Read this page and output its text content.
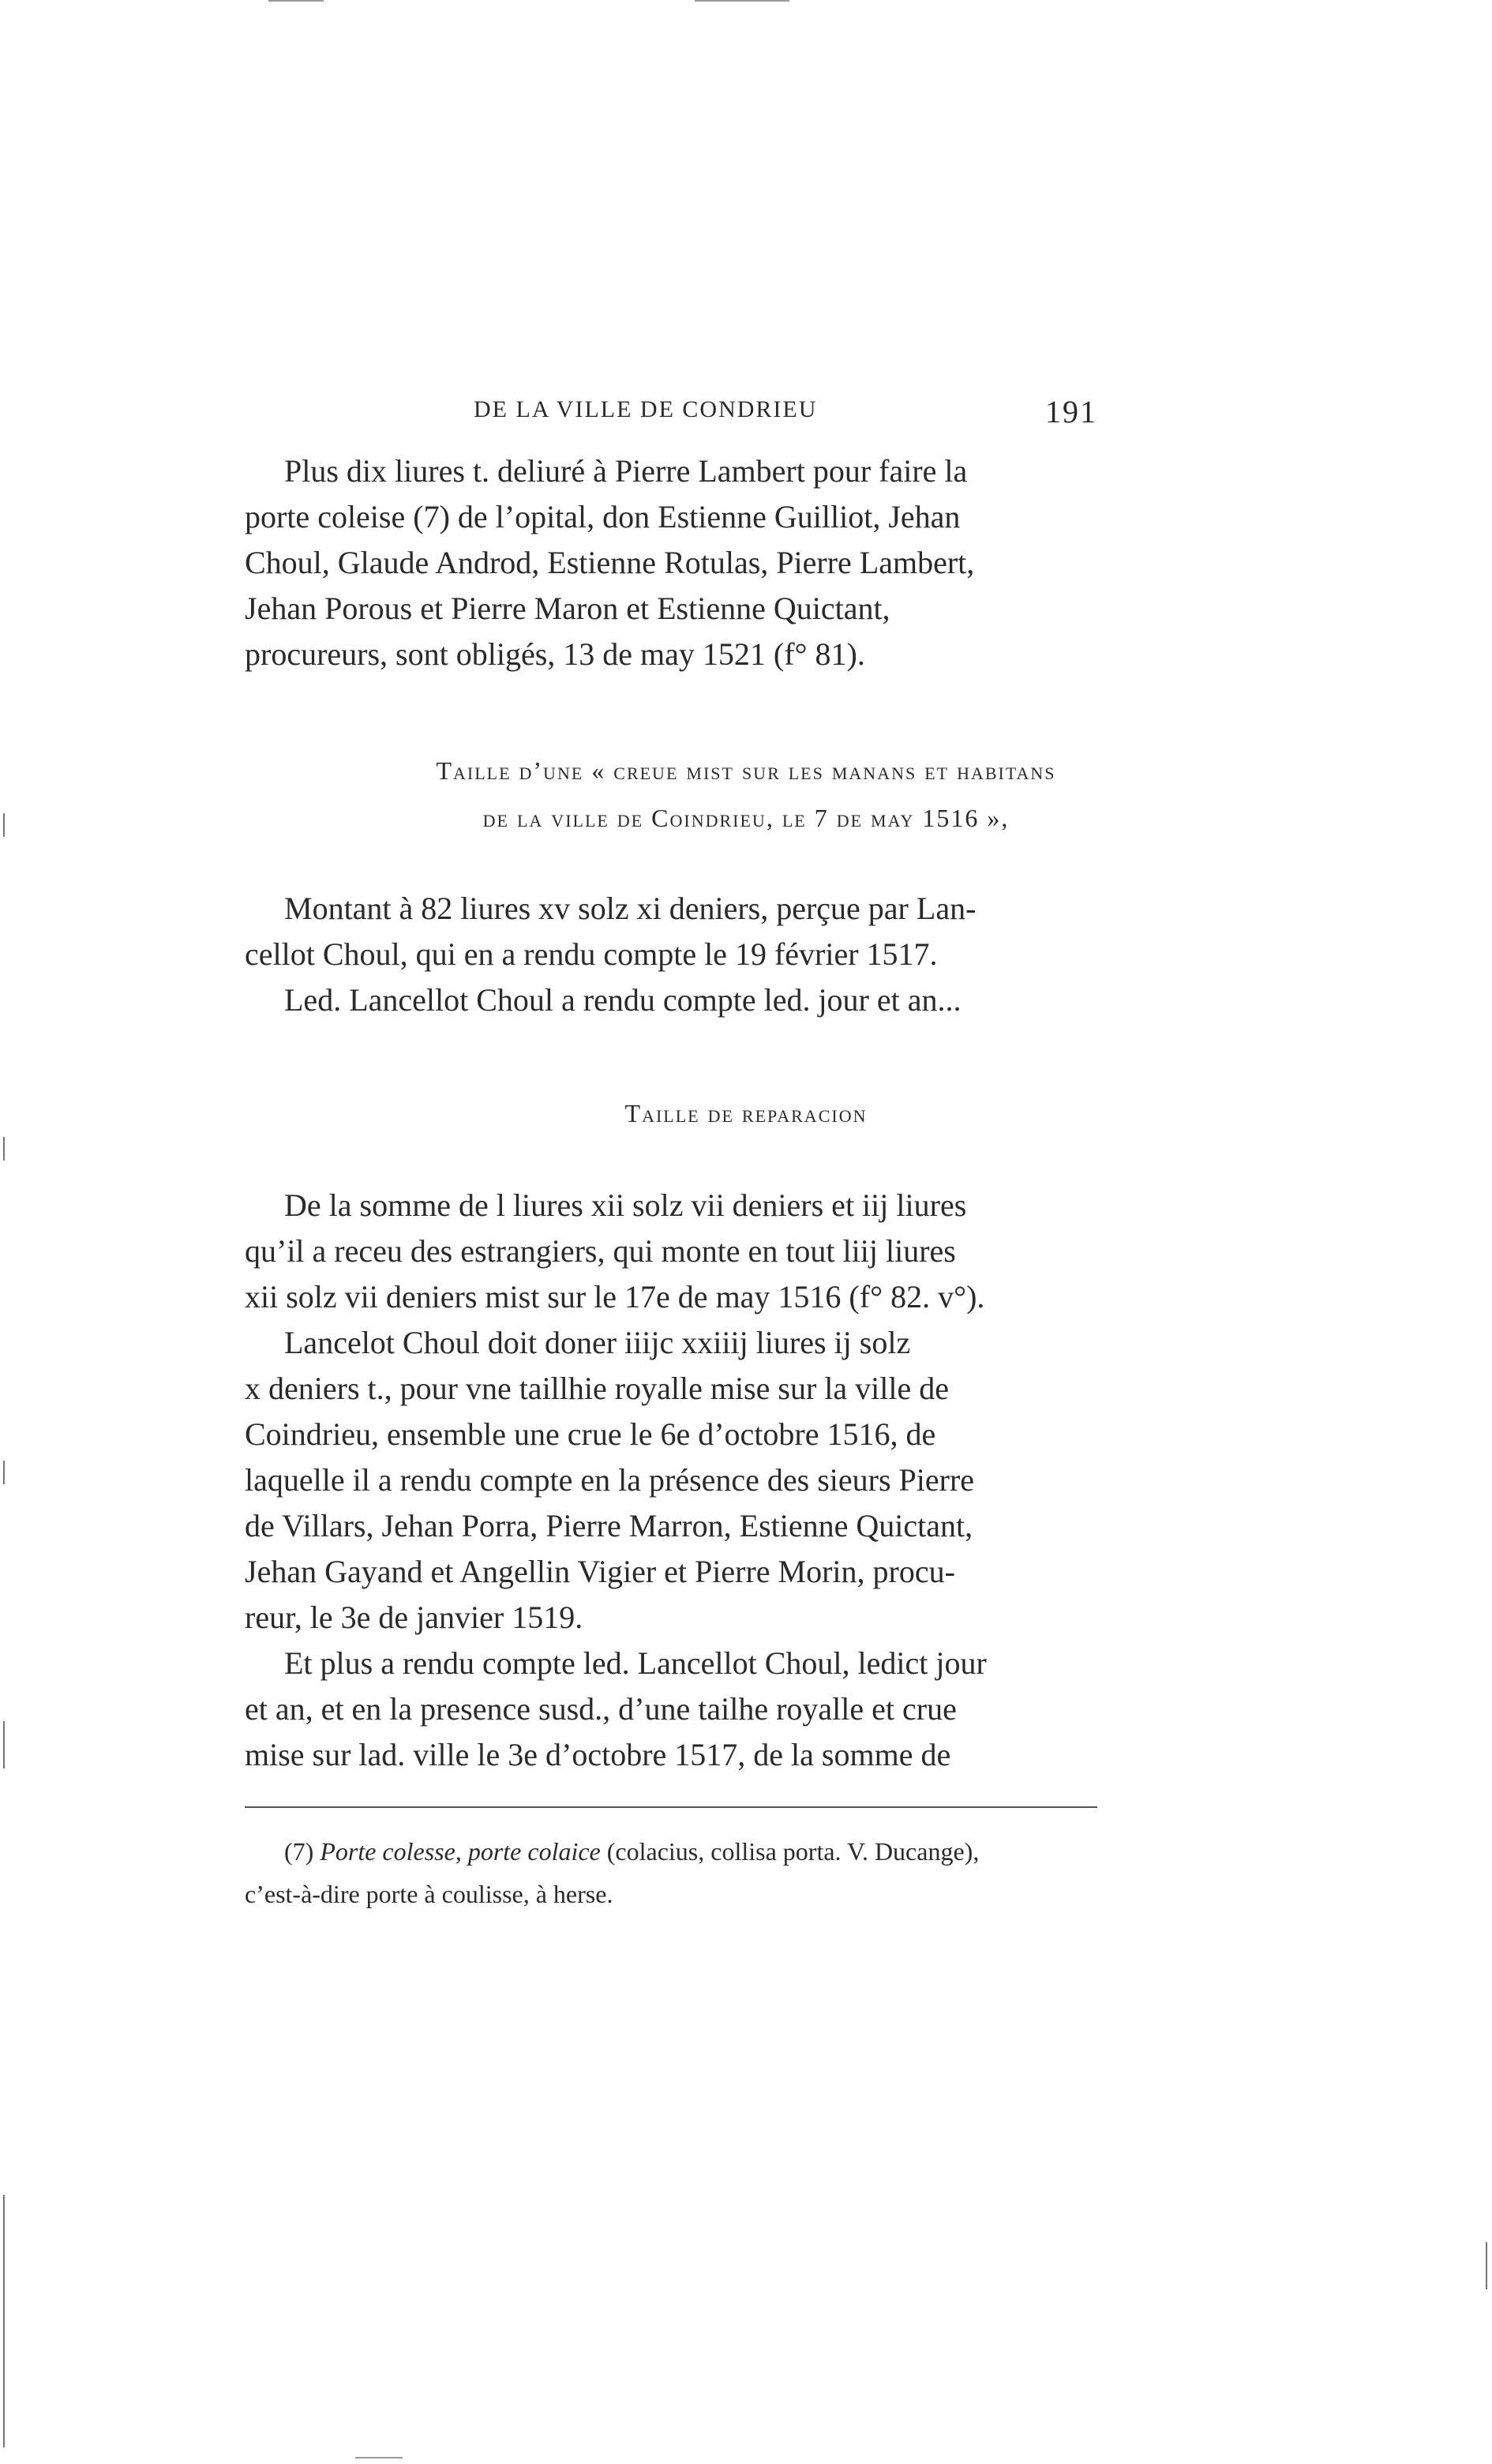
DE LA VILLE DE CONDRIEU	191
Plus dix liures t. deliuré à Pierre Lambert pour faire la
porte coleise (7) de l’opital, don Estienne Guilliot, Jehan
Choul, Glaude Androd, Estienne Rotulas, Pierre Lambert,
Jehan Porous et Pierre Maron et Estienne Quictant,
procureurs, sont obligés, 13 de may 1521 (f° 81).
Taille d’une « creue mist sur les manans et habitans
de la ville de Coindrieu, le 7 de may 1516 »,
Montant à 82 liures xv solz xi deniers, perçue par Lan-
cellot Choul, qui en a rendu compte le 19 février 1517.
Led. Lancellot Choul a rendu compte led. jour et an...
Taille de reparacion
De la somme de l liures xii solz vii deniers et iij liures
qu’il a receu des estrangiers, qui monte en tout liij liures
xii solz vii deniers mist sur le 17e de may 1516 (f° 82. v°).
Lancelot Choul doit doner iiijc xxiiij liures ij solz
x deniers t., pour vne taillhie royalle mise sur la ville de
Coindrieu, ensemble une crue le 6e d’octobre 1516, de
laquelle il a rendu compte en la présence des sieurs Pierre
de Villars, Jehan Porra, Pierre Marron, Estienne Quictant,
Jehan Gayand et Angellin Vigier et Pierre Morin, procu-
reur, le 3e de janvier 1519.
Et plus a rendu compte led. Lancellot Choul, ledict jour
et an, et en la presence susd., d’une tailhe royalle et crue
mise sur lad. ville le 3e d’octobre 1517, de la somme de
(7) Porte colesse, porte colaice (colacius, collisa porta. V. Ducange),
c’est-à-dire porte à coulisse, à herse.
